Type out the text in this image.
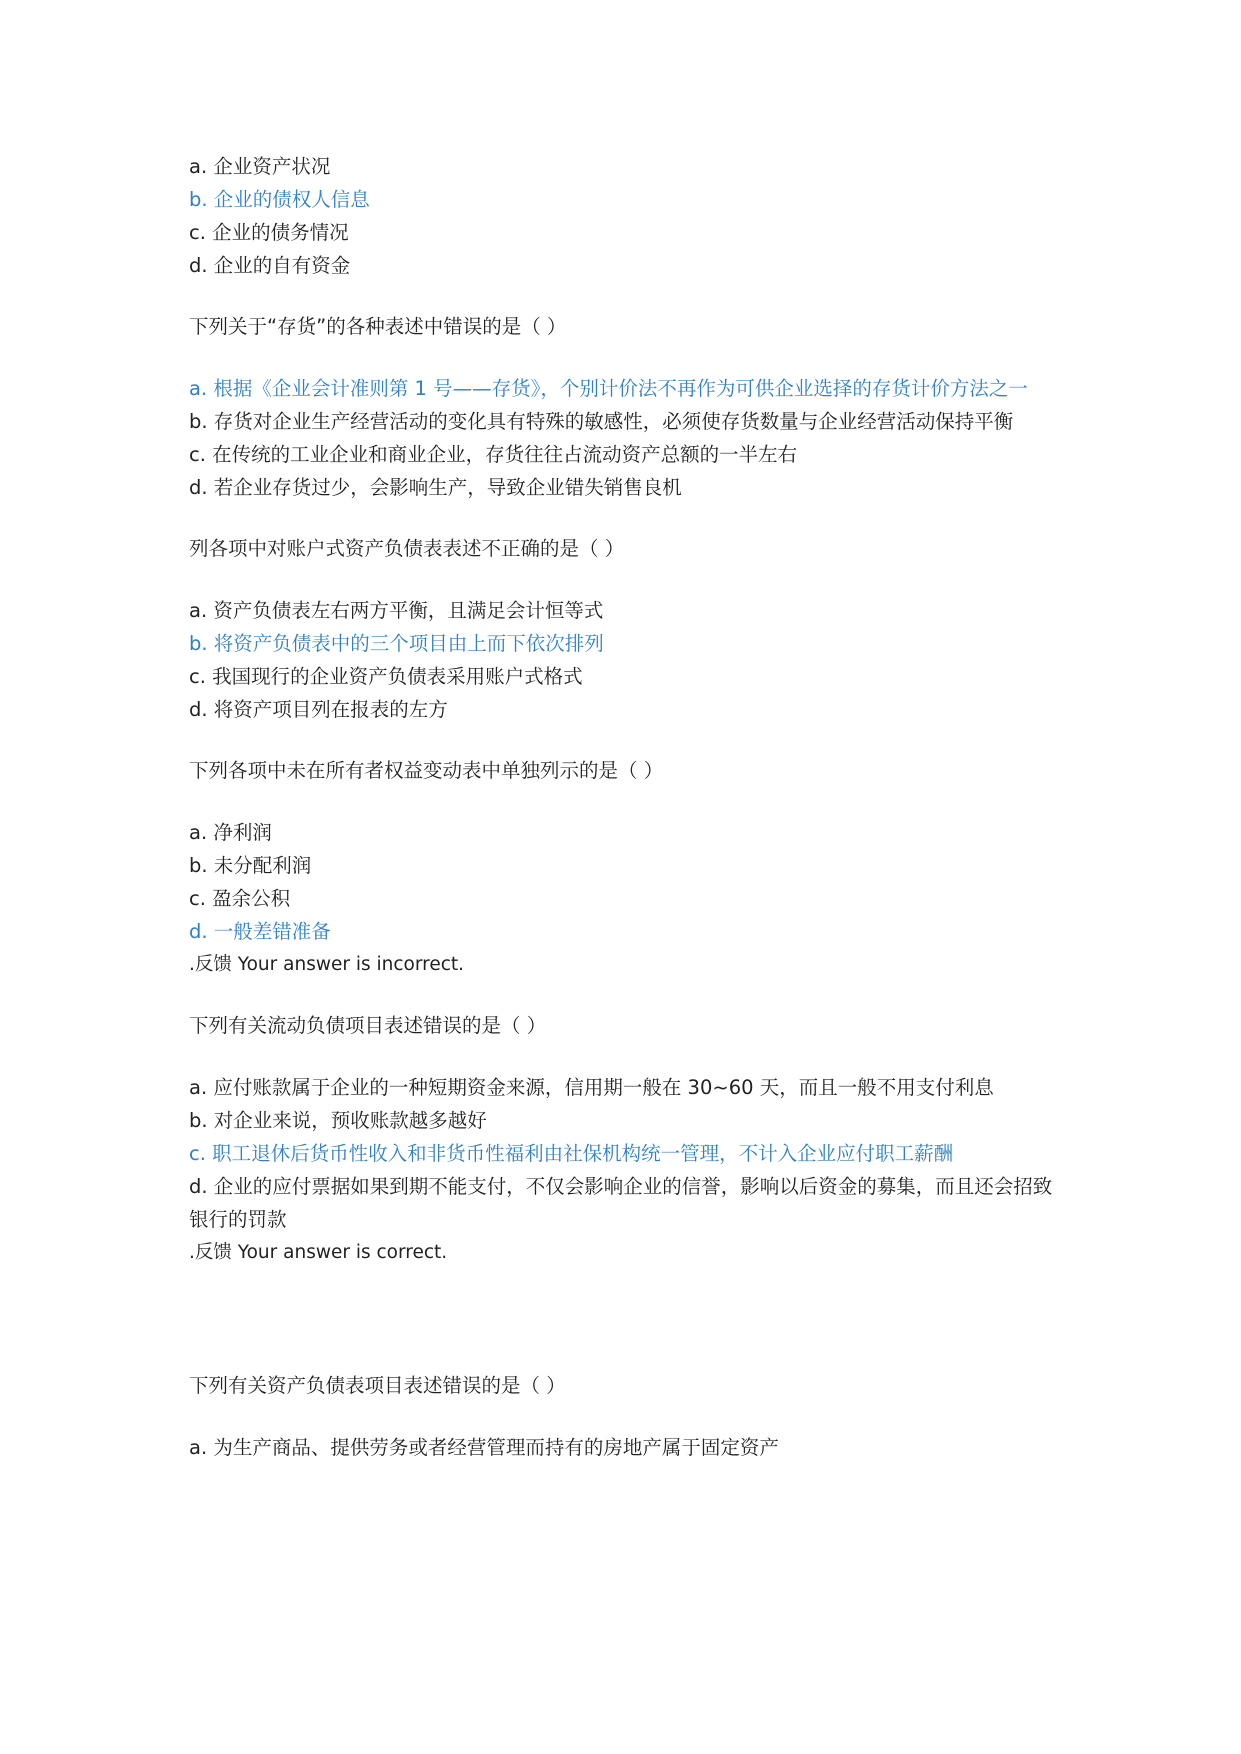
a. 企业资产状况

b. 企业的债权人信息

c. 企业的债务情况

d. 企业的自有资金

下列关于“存货”的各种表述中错误的是（ ）

a. 根据《企业会计准则第 1 号——存货》，个别计价法不再作为可供企业选择的存货计价方法之一

b. 存货对企业生产经营活动的变化具有特殊的敏感性，必须使存货数量与企业经营活动保持平衡

c. 在传统的工业企业和商业企业，存货往往占流动资产总额的一半左右

d. 若企业存货过少，会影响生产，导致企业错失销售良机

列各项中对账户式资产负债表表述不正确的是（ ）

a. 资产负债表左右两方平衡，且满足会计恒等式

b. 将资产负债表中的三个项目由上而下依次排列

c. 我国现行的企业资产负债表采用账户式格式

d. 将资产项目列在报表的左方

下列各项中未在所有者权益变动表中单独列示的是（ ）

a. 净利润

b. 未分配利润

c. 盈余公积

d. 一般差错准备

.反馈 Your answer is incorrect.

下列有关流动负债项目表述错误的是（ ）

a. 应付账款属于企业的一种短期资金来源，信用期一般在 30~60 天，而且一般不用支付利息

b. 对企业来说，预收账款越多越好

c. 职工退休后货币性收入和非货币性福利由社保机构统一管理，不计入企业应付职工薪酬

d. 企业的应付票据如果到期不能支付，不仅会影响企业的信誉，影响以后资金的募集，而且还会招致银行的罚款

.反馈 Your answer is correct.

下列有关资产负债表项目表述错误的是（ ）

a. 为生产商品、提供劳务或者经营管理而持有的房地产属于固定资产
